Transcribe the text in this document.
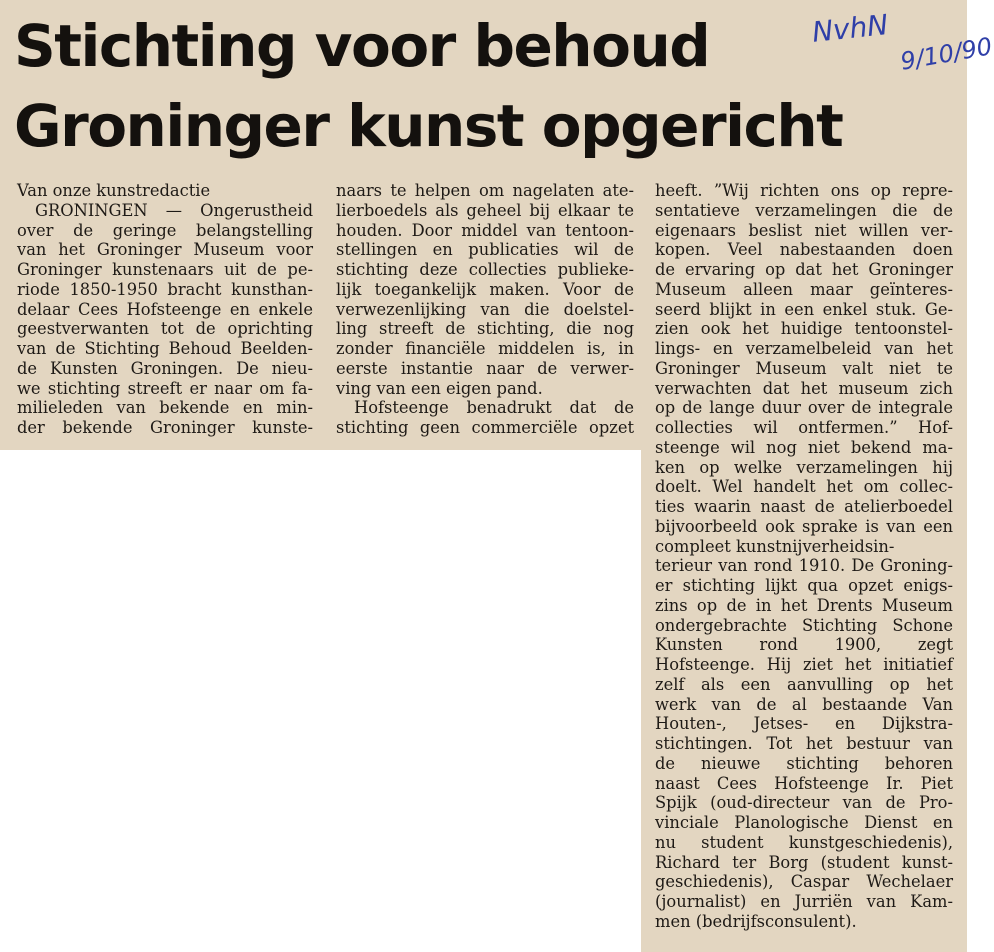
Stichting voor behoud
Groninger kunst opgericht
NvhN
9/10/90
Van onze kunstredactie
GRONINGEN — Ongerustheid
over de geringe belangstelling
van het Groninger Museum voor
Groninger kunstenaars uit de pe-
riode 1850-1950 bracht kunsthan-
delaar Cees Hofsteenge en enkele
geestverwanten tot de oprichting
van de Stichting Behoud Beelden-
de Kunsten Groningen. De nieu-
we stichting streeft er naar om fa-
milieleden van bekende en min-
der bekende Groninger kunste-
naars te helpen om nagelaten ate-
lierboedels als geheel bij elkaar te
houden. Door middel van tentoon-
stellingen en publicaties wil de
stichting deze collecties publieke-
lijk toegankelijk maken. Voor de
verwezenlijking van die doelstel-
ling streeft de stichting, die nog
zonder financiële middelen is, in
eerste instantie naar de verwer-
ving van een eigen pand.
Hofsteenge benadrukt dat de
stichting geen commerciële opzet
heeft. ”Wij richten ons op repre-
sentatieve verzamelingen die de
eigenaars beslist niet willen ver-
kopen. Veel nabestaanden doen
de ervaring op dat het Groninger
Museum alleen maar geïnteres-
seerd blijkt in een enkel stuk. Ge-
zien ook het huidige tentoonstel-
lings- en verzamelbeleid van het
Groninger Museum valt niet te
verwachten dat het museum zich
op de lange duur over de integrale
collecties wil ontfermen.” Hof-
steenge wil nog niet bekend ma-
ken op welke verzamelingen hij
doelt. Wel handelt het om collec-
ties waarin naast de atelierboedel
bijvoorbeeld ook sprake is van een
compleet kunstnijverheidsin-
terieur van rond 1910. De Groning-
er stichting lijkt qua opzet enigs-
zins op de in het Drents Museum
ondergebrachte Stichting Schone
Kunsten rond 1900, zegt
Hofsteenge. Hij ziet het initiatief
zelf als een aanvulling op het
werk van de al bestaande Van
Houten-, Jetses- en Dijkstra-
stichtingen. Tot het bestuur van
de nieuwe stichting behoren
naast Cees Hofsteenge Ir. Piet
Spijk (oud-directeur van de Pro-
vinciale Planologische Dienst en
nu student kunstgeschiedenis),
Richard ter Borg (student kunst-
geschiedenis), Caspar Wechelaer
(journalist) en Jurriën van Kam-
men (bedrijfsconsulent).
